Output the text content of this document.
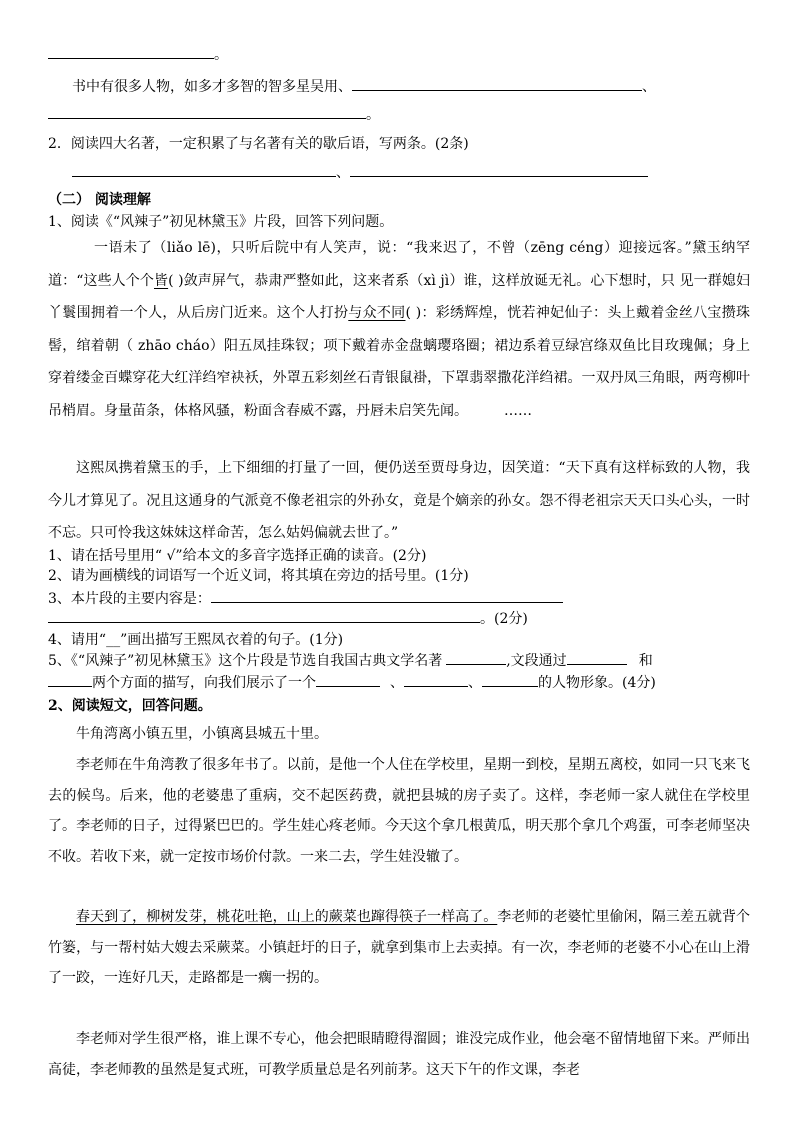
。
书中有很多人物，如多才多智的智多星吴用、	、
。
2．阅读四大名著，一定积累了与名著有关的歇后语，写两条。(2条)
、
（二） 阅读理解
1、阅读《“风辣子”初见林黛玉》片段，回答下列问题。
一语未了（liǎo lē)，只听后院中有人笑声，说：“我来迟了，不曾（zēng céng）迎接远客。”黛玉纳罕道：“这些人个个皆( )敛声屏气，恭肃严整如此，这来者系（xì jì）谁，这样放诞无礼。心下想时，只 见一群媳妇丫鬟围拥着一个人，从后房门近来。这个人打扮与众不同( )：彩绣辉煌，恍若神妃仙子：头上戴着金丝八宝攒珠髻，绾着朝（ zhāo cháo）阳五凤挂珠钗；项下戴着赤金盘螭璎珞圈；裙边系着豆绿宫绦双鱼比目玫瑰佩；身上穿着缕金百蝶穿花大红洋绉窄袂袄，外罩五彩刻丝石青银鼠褂，下罩翡翠撒花洋绉裙。一双丹凤三角眼，两弯柳叶吊梢眉。身量苗条，体格风骚，粉面含春威不露，丹唇未启笑先闻。	……
这熙凤携着黛玉的手，上下细细的打量了一回，便仍送至贾母身边，因笑道：“天下真有这样标致的人物，我今儿才算见了。况且这通身的气派竟不像老祖宗的外孙女，竟是个嫡亲的孙女。怨不得老祖宗天天口头心头，一时不忘。只可怜我这妹妹这样命苦，怎么姑妈偏就去世了。”
1、请在括号里用“ √”给本文的多音字选择正确的读音。(2分)
2、请为画横线的词语写一个近义词，将其填在旁边的括号里。(1分)
3、本片段的主要内容是：
。(2分)
4、请用“__”画出描写王熙凤衣着的句子。(1分)
5、《“风辣子”初见林黛玉》这个片段是节选自我国古典文学名著	,文段通过	和
两个方面的描写，向我们展示了一个	、	、	的人物形象。(4分)
2、阅读短文，回答问题。
牛角湾离小镇五里，小镇离县城五十里。
李老师在牛角湾教了很多年书了。以前，是他一个人住在学校里，星期一到校，星期五离校，如同一只飞来飞去的候鸟。后来，他的老婆患了重病，交不起医药费，就把县城的房子卖了。这样，李老师一家人就住在学校里了。李老师的日子，过得紧巴巴的。学生娃心疼老师。今天这个拿几根黄瓜，明天那个拿几个鸡蛋，可李老师坚决不收。若收下来，就一定按市场价付款。一来二去，学生娃没辙了。
春天到了，柳树发芽，桃花吐艳，山上的蕨菜也蹿得筷子一样高了。李老师的老婆忙里偷闲，隔三差五就背个竹篓，与一帮村姑大嫂去采蕨菜。小镇赶圩的日子，就拿到集市上去卖掉。有一次，李老师的老婆不小心在山上滑了一跤，一连好几天，走路都是一瘸一拐的。
李老师对学生很严格，谁上课不专心，他会把眼睛瞪得溜圆；谁没完成作业，他会毫不留情地留下来。严师出高徒，李老师教的虽然是复式班，可教学质量总是名列前茅。这天下午的作文课，李老
